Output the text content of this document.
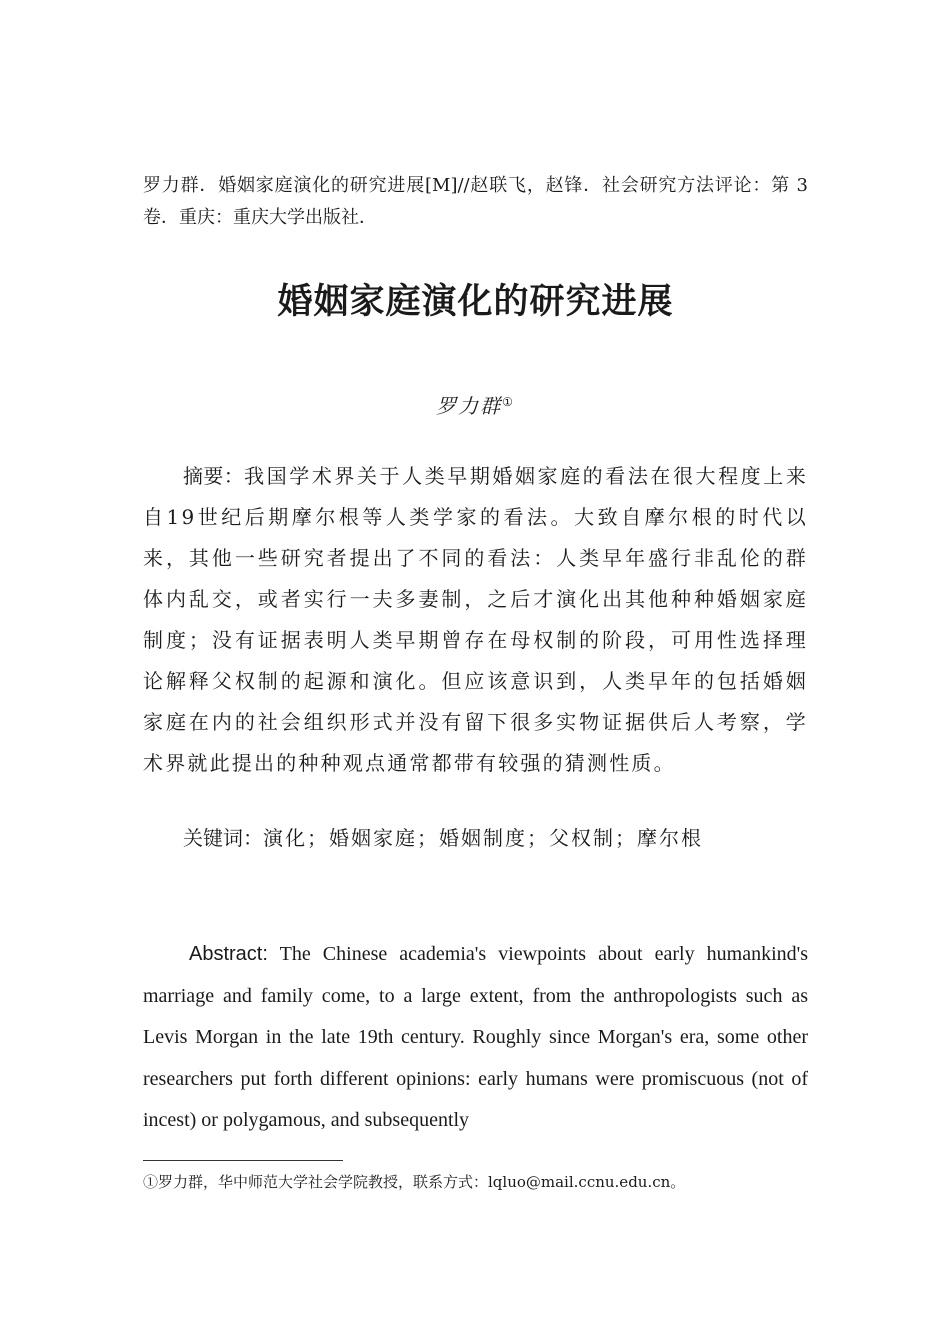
罗力群．婚姻家庭演化的研究进展[M]//赵联飞，赵锋．社会研究方法评论：第 3 卷．重庆：重庆大学出版社．
婚姻家庭演化的研究进展
罗力群①

摘要：我国学术界关于人类早期婚姻家庭的看法在很大程度上来自19世纪后期摩尔根等人类学家的看法。大致自摩尔根的时代以来，其他一些研究者提出了不同的看法：人类早年盛行非乱伦的群体内乱交，或者实行一夫多妻制，之后才演化出其他种种婚姻家庭制度；没有证据表明人类早期曾存在母权制的阶段，可用性选择理论解释父权制的起源和演化。但应该意识到，人类早年的包括婚姻家庭在内的社会组织形式并没有留下很多实物证据供后人考察，学术界就此提出的种种观点通常都带有较强的猜测性质。

关键词：演化；婚姻家庭；婚姻制度；父权制；摩尔根

Abstract: The Chinese academia's viewpoints about early humankind's marriage and family come, to a large extent, from the anthropologists such as Levis Morgan in the late 19th century. Roughly since Morgan's era, some other researchers put forth different opinions: early humans were promiscuous (not of incest) or polygamous, and subsequently

①罗力群，华中师范大学社会学院教授，联系方式：lqluo@mail.ccnu.edu.cn。
